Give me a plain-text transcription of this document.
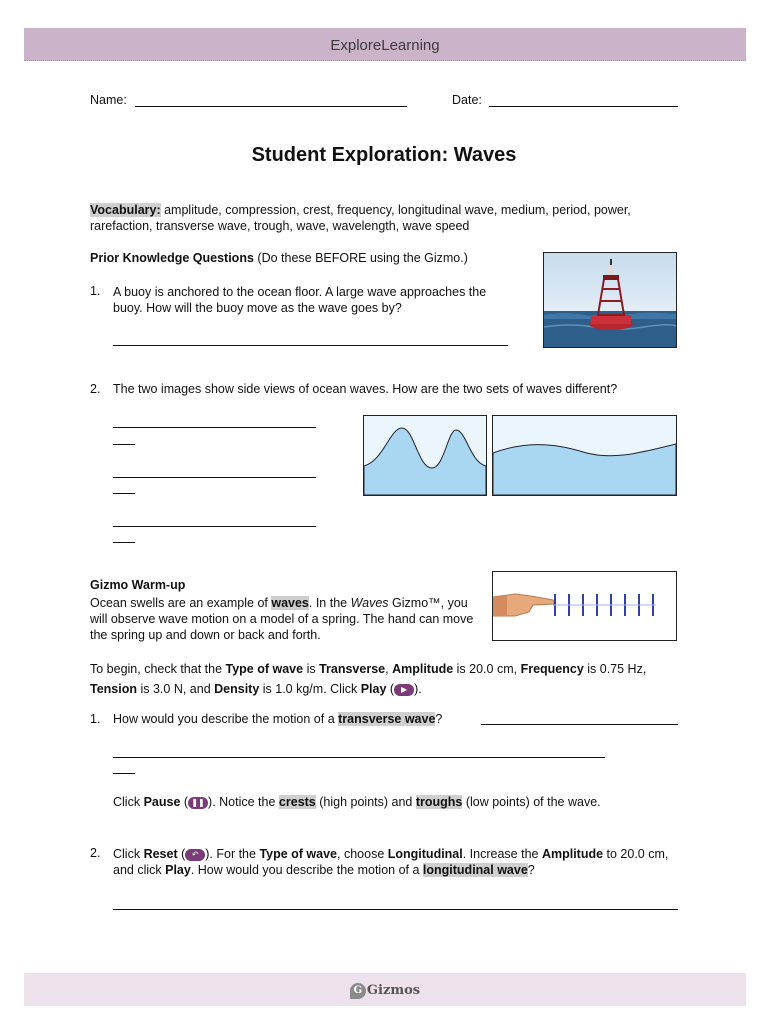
ExploreLearning
Name:	Date:
Student Exploration: Waves
Vocabulary: amplitude, compression, crest, frequency, longitudinal wave, medium, period, power, rarefaction, transverse wave, trough, wave, wavelength, wave speed
Prior Knowledge Questions (Do these BEFORE using the Gizmo.)
1. A buoy is anchored to the ocean floor. A large wave approaches the buoy. How will the buoy move as the wave goes by?
2. The two images show side views of ocean waves. How are the two sets of waves different?
Gizmo Warm-up
Ocean swells are an example of waves. In the Waves Gizmo™, you will observe wave motion on a model of a spring. The hand can move the spring up and down or back and forth.
To begin, check that the Type of wave is Transverse, Amplitude is 20.0 cm, Frequency is 0.75 Hz, Tension is 3.0 N, and Density is 1.0 kg/m. Click Play ( ▶ ).
1. How would you describe the motion of a transverse wave?
Click Pause ( ❚❚ ). Notice the crests (high points) and troughs (low points) of the wave.
2. Click Reset ( ↶ ). For the Type of wave, choose Longitudinal. Increase the Amplitude to 20.0 cm, and click Play. How would you describe the motion of a longitudinal wave?
G Gizmos
